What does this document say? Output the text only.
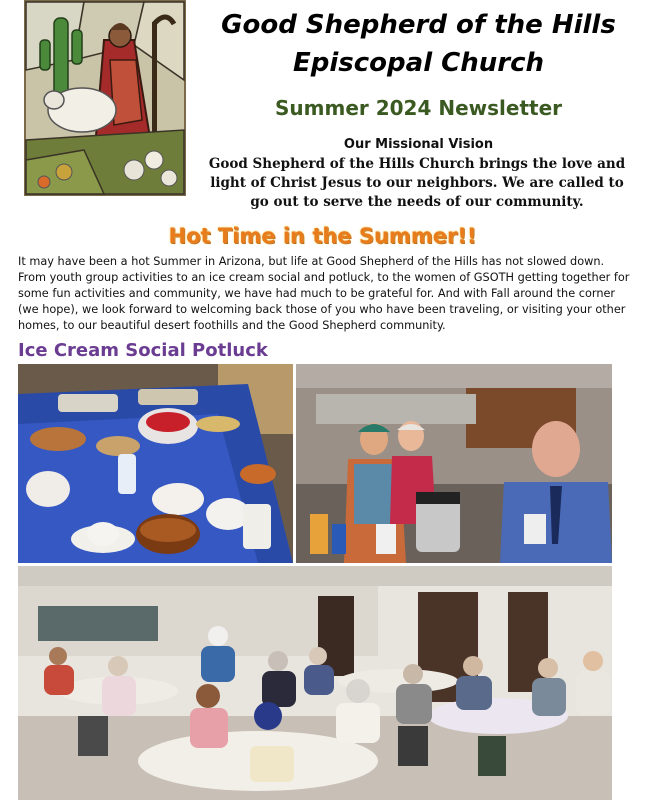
Good Shepherd of the Hills
Episcopal Church
Summer 2024 Newsletter
Our Missional Vision
Good Shepherd of the Hills Church brings the love and light of Christ Jesus to our neighbors. We are called to go out to serve the needs of our community.
Hot Time in the Summer!!
It may have been a hot Summer in Arizona, but life at Good Shepherd of the Hills has not slowed down. From youth group activities to an ice cream social and potluck, to the women of GSOTH getting together for some fun activities and community, we have had much to be grateful for. And with Fall around the corner (we hope), we look forward to welcoming back those of you who have been traveling, or visiting your other homes, to our beautiful desert foothills and the Good Shepherd community.
Ice Cream Social Potluck
